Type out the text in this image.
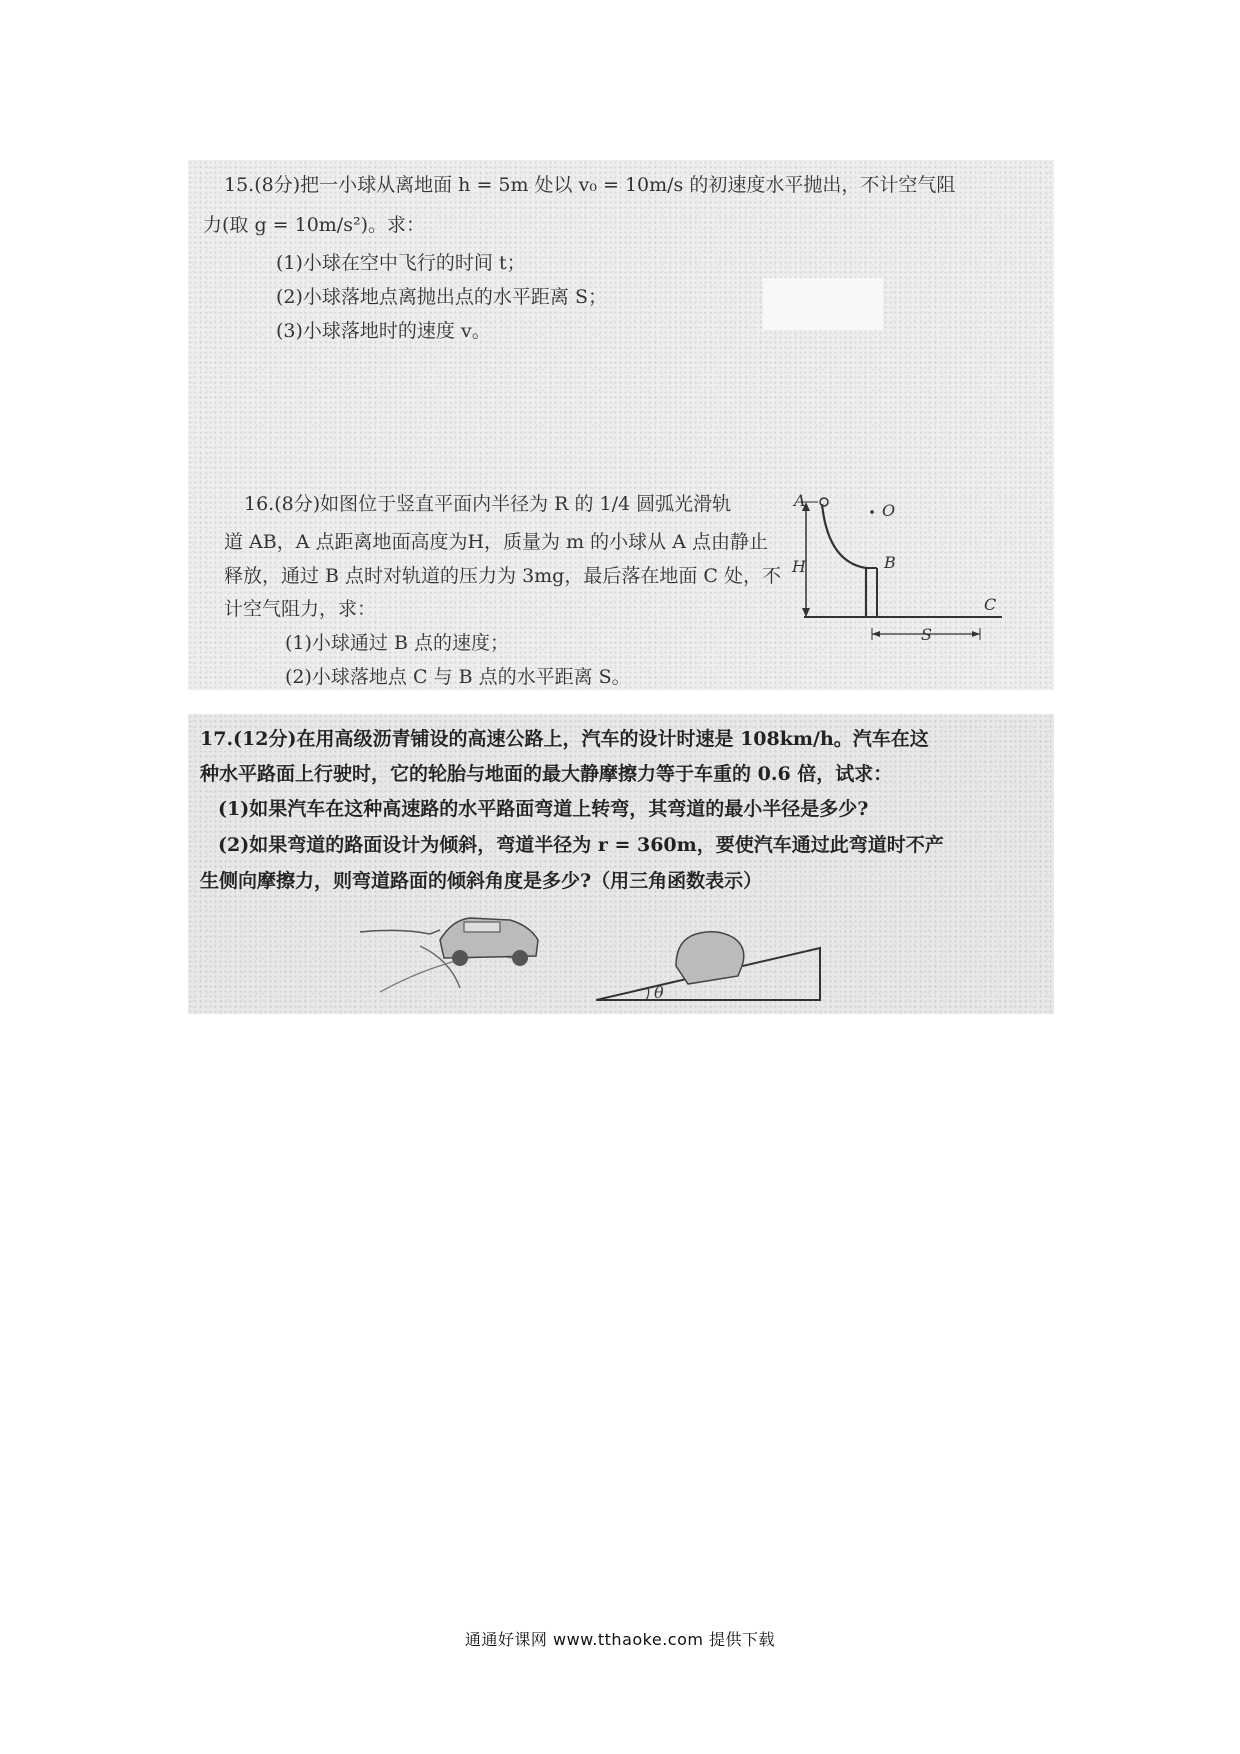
15.(8分)把一小球从离地面 h = 5m 处以 v₀ = 10m/s 的初速度水平抛出，不计空气阻
力(取 g = 10m/s²)。求：
(1)小球在空中飞行的时间 t；
(2)小球落地点离抛出点的水平距离 S；
(3)小球落地时的速度 v。
16.(8分)如图位于竖直平面内半径为 R 的 1/4 圆弧光滑轨
道 AB，A 点距离地面高度为H，质量为 m 的小球从 A 点由静止
释放，通过 B 点时对轨道的压力为 3mg，最后落在地面 C 处，不
计空气阻力，求：
(1)小球通过 B 点的速度；
(2)小球落地点 C 与 B 点的水平距离 S。
A
O
B
H
C
S
17.(12分)在用高级沥青铺设的高速公路上，汽车的设计时速是 108km/h。汽车在这
种水平路面上行驶时，它的轮胎与地面的最大静摩擦力等于车重的 0.6 倍，试求：
(1)如果汽车在这种高速路的水平路面弯道上转弯，其弯道的最小半径是多少?
(2)如果弯道的路面设计为倾斜，弯道半径为 r = 360m，要使汽车通过此弯道时不产
生侧向摩擦力，则弯道路面的倾斜角度是多少?（用三角函数表示）
θ
通通好课网 www.tthaoke.com 提供下载
